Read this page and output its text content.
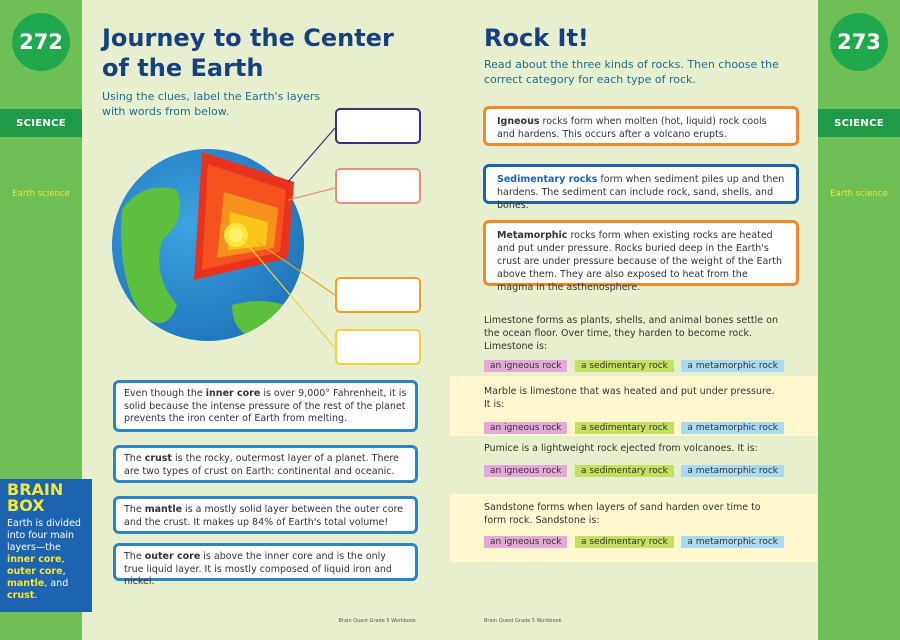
272
SCIENCE
Earth science
273
SCIENCE
Earth science
Journey to the Center
of the Earth
Using the clues, label the Earth's layers
with words from below.
Even though the inner core is over 9,000° Fahrenheit, it is solid because the intense pressure of the rest of the planet prevents the iron center of Earth from melting.
The crust is the rocky, outermost layer of a planet. There are two types of crust on Earth: continental and oceanic.
The mantle is a mostly solid layer between the outer core and the crust. It makes up 84% of Earth's total volume!
The outer core is above the inner core and is the only true liquid layer. It is mostly composed of liquid iron and nickel.
Brain Quest Grade 5 Workbook
BRAIN
BOX
Earth is divided into four main layers—the inner core, outer core, mantle, and crust.
Rock It!
Read about the three kinds of rocks. Then choose the
correct category for each type of rock.
Igneous rocks form when molten (hot, liquid) rock cools and hardens. This occurs after a volcano erupts.
Sedimentary rocks form when sediment piles up and then hardens. The sediment can include rock, sand, shells, and bones.
Metamorphic rocks form when existing rocks are heated and put under pressure. Rocks buried deep in the Earth's crust are under pressure because of the weight of the Earth above them. They are also exposed to heat from the magma in the asthenosphere.
Limestone forms as plants, shells, and animal bones settle on the ocean floor. Over time, they harden to become rock. Limestone is:
an igneous rock	a sedimentary rock	a metamorphic rock
Marble is limestone that was heated and put under pressure. It is:
an igneous rock	a sedimentary rock	a metamorphic rock
Pumice is a lightweight rock ejected from volcanoes. It is:
an igneous rock	a sedimentary rock	a metamorphic rock
Sandstone forms when layers of sand harden over time to form rock. Sandstone is:
an igneous rock	a sedimentary rock	a metamorphic rock
Brain Quest Grade 5 Workbook
